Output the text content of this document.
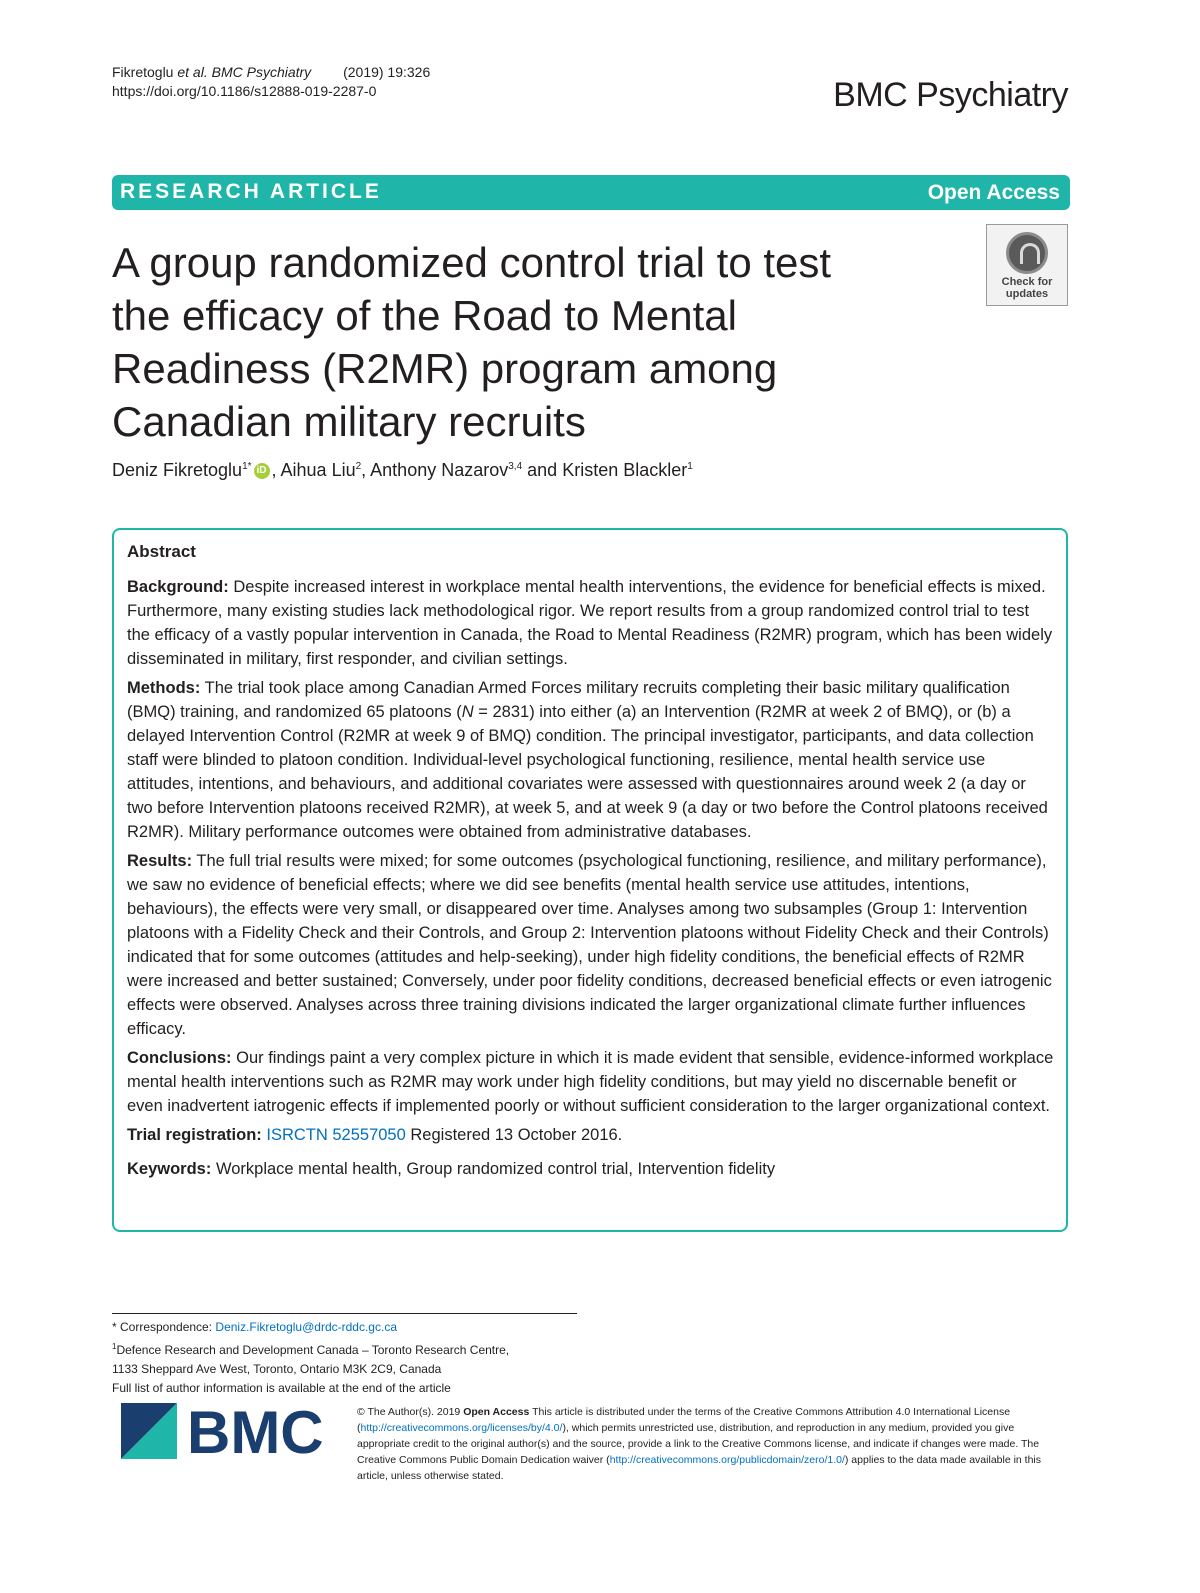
Fikretoglu et al. BMC Psychiatry (2019) 19:326
https://doi.org/10.1186/s12888-019-2287-0	BMC Psychiatry
RESEARCH ARTICLE	Open Access
A group randomized control trial to test
the efficacy of the Road to Mental
Readiness (R2MR) program among
Canadian military recruits
Check for
updates
Deniz Fikretoglu$^{1*}$ iD , Aihua Liu$^2$, Anthony Nazarov$^{3,4}$ and Kristen Blackler$^1$

Abstract

Background: Despite increased interest in workplace mental health interventions, the evidence for beneficial effects is mixed. Furthermore, many existing studies lack methodological rigor. We report results from a group randomized control trial to test the efficacy of a vastly popular intervention in Canada, the Road to Mental Readiness (R2MR) program, which has been widely disseminated in military, first responder, and civilian settings.

Methods: The trial took place among Canadian Armed Forces military recruits completing their basic military qualification (BMQ) training, and randomized 65 platoons (N = 2831) into either (a) an Intervention (R2MR at week 2 of BMQ), or (b) a delayed Intervention Control (R2MR at week 9 of BMQ) condition. The principal investigator, participants, and data collection staff were blinded to platoon condition. Individual-level psychological functioning, resilience, mental health service use attitudes, intentions, and behaviours, and additional covariates were assessed with questionnaires around week 2 (a day or two before Intervention platoons received R2MR), at week 5, and at week 9 (a day or two before the Control platoons received R2MR). Military performance outcomes were obtained from administrative databases.

Results: The full trial results were mixed; for some outcomes (psychological functioning, resilience, and military performance), we saw no evidence of beneficial effects; where we did see benefits (mental health service use attitudes, intentions, behaviours), the effects were very small, or disappeared over time. Analyses among two subsamples (Group 1: Intervention platoons with a Fidelity Check and their Controls, and Group 2: Intervention platoons without Fidelity Check and their Controls) indicated that for some outcomes (attitudes and help-seeking), under high fidelity conditions, the beneficial effects of R2MR were increased and better sustained; Conversely, under poor fidelity conditions, decreased beneficial effects or even iatrogenic effects were observed. Analyses across three training divisions indicated the larger organizational climate further influences efficacy.

Conclusions: Our findings paint a very complex picture in which it is made evident that sensible, evidence-informed workplace mental health interventions such as R2MR may work under high fidelity conditions, but may yield no discernable benefit or even inadvertent iatrogenic effects if implemented poorly or without sufficient consideration to the larger organizational context.

Trial registration: ISRCTN 52557050 Registered 13 October 2016.

Keywords: Workplace mental health, Group randomized control trial, Intervention fidelity

* Correspondence: Deniz.Fikretoglu@drdc-rddc.gc.ca
$^1$Defence Research and Development Canada – Toronto Research Centre,
1133 Sheppard Ave West, Toronto, Ontario M3K 2C9, Canada
Full list of author information is available at the end of the article
BMC	© The Author(s). 2019 Open Access This article is distributed under the terms of the Creative Commons Attribution 4.0 International License (http://creativecommons.org/licenses/by/4.0/), which permits unrestricted use, distribution, and reproduction in any medium, provided you give appropriate credit to the original author(s) and the source, provide a link to the Creative Commons license, and indicate if changes were made. The Creative Commons Public Domain Dedication waiver (http://creativecommons.org/publicdomain/zero/1.0/) applies to the data made available in this article, unless otherwise stated.
